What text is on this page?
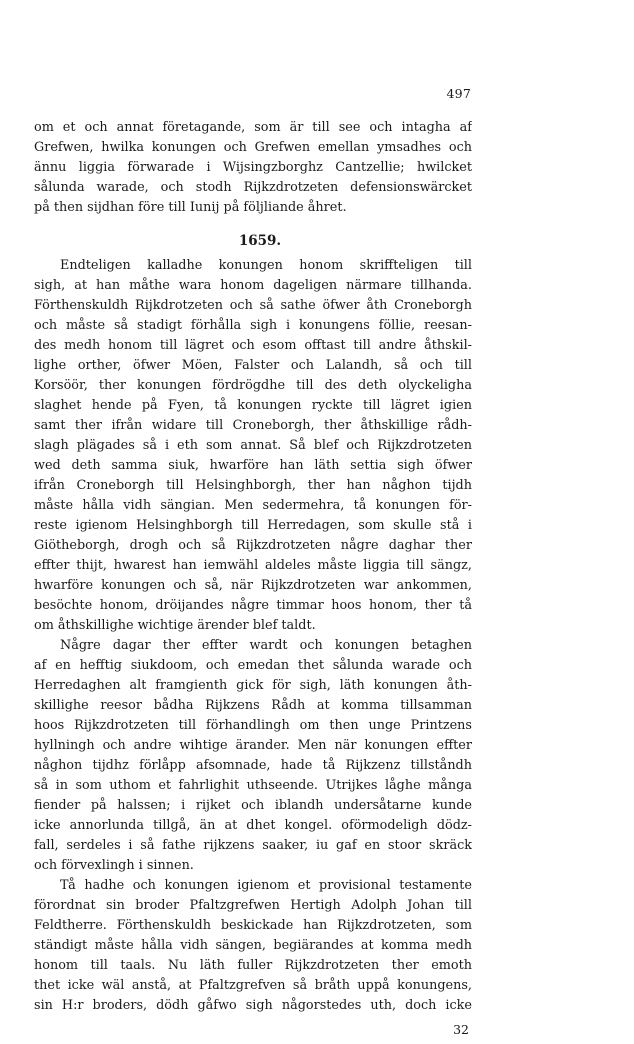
497
om et och annat företagande, som är till see och intagha af
Grefwen, hwilka konungen och Grefwen emellan ymsadhes och
ännu liggia förwarade i Wijsingzborghz Cantzellie; hwilcket
sålunda warade, och stodh Rijkzdrotzeten defensionswärcket
på then sijdhan före till Iunij på följliande åhret.
1659.
Endteligen kalladhe konungen honom skriffteligen till
sigh, at han måthe wara honom dageligen närmare tillhanda.
Förthenskuldh Rijkdrotzeten och så sathe öfwer åth Croneborgh
och måste så stadigt förhålla sigh i konungens föllie, reesan-
des medh honom till lägret och esom offtast till andre åthskil-
lighe orther, öfwer Möen, Falster och Lalandh, så och till
Korsöör, ther konungen fördrögdhe till des deth olyckeligha
slaghet hende på Fyen, tå konungen ryckte till lägret igien
samt ther ifrån widare till Croneborgh, ther åthskillige rådh-
slagh plägades så i eth som annat. Så blef och Rijkzdrotzeten
wed deth samma siuk, hwarföre han läth settia sigh öfwer
ifrån Croneborgh till Helsinghborgh, ther han någhon tijdh
måste hålla vidh sängian. Men sedermehra, tå konungen för-
reste igienom Helsinghborgh till Herredagen, som skulle stå i
Giötheborgh, drogh och så Rijkzdrotzeten någre daghar ther
effter thijt, hwarest han iemwähl aldeles måste liggia till sängz,
hwarföre konungen och så, när Rijkzdrotzeten war ankommen,
besöchte honom, dröijandes någre timmar hoos honom, ther tå
om åthskillighe wichtige ärender blef taldt.
Någre dagar ther effter wardt och konungen betaghen
af en hefftig siukdoom, och emedan thet sålunda warade och
Herredaghen alt framgienth gick för sigh, läth konungen åth-
skillighe reesor bådha Rijkzens Rådh at komma tillsamman
hoos Rijkzdrotzeten till förhandlingh om then unge Printzens
hyllningh och andre wihtige ärander. Men när konungen effter
någhon tijdhz förlåpp afsomnade, hade tå Rijkzenz tillståndh
så in som uthom et fahrlighit uthseende. Utrijkes låghe många
fiender på halssen; i rijket och iblandh undersåtarne kunde
icke annorlunda tillgå, än at dhet kongel. oförmodeligh dödz-
fall, serdeles i så fathe rijkzens saaker, iu gaf en stoor skräck
och förvexlingh i sinnen.
Tå hadhe och konungen igienom et provisional testamente
förordnat sin broder Pfaltzgrefwen Hertigh Adolph Johan till
Feldtherre. Förthenskuldh beskickade han Rijkzdrotzeten, som
ständigt måste hålla vidh sängen, begiärandes at komma medh
honom till taals. Nu läth fuller Rijkzdrotzeten ther emoth
thet icke wäl anstå, at Pfaltzgrefven så bråth uppå konungens,
sin H:r broders, dödh gåfwo sigh någorstedes uth, doch icke
32
